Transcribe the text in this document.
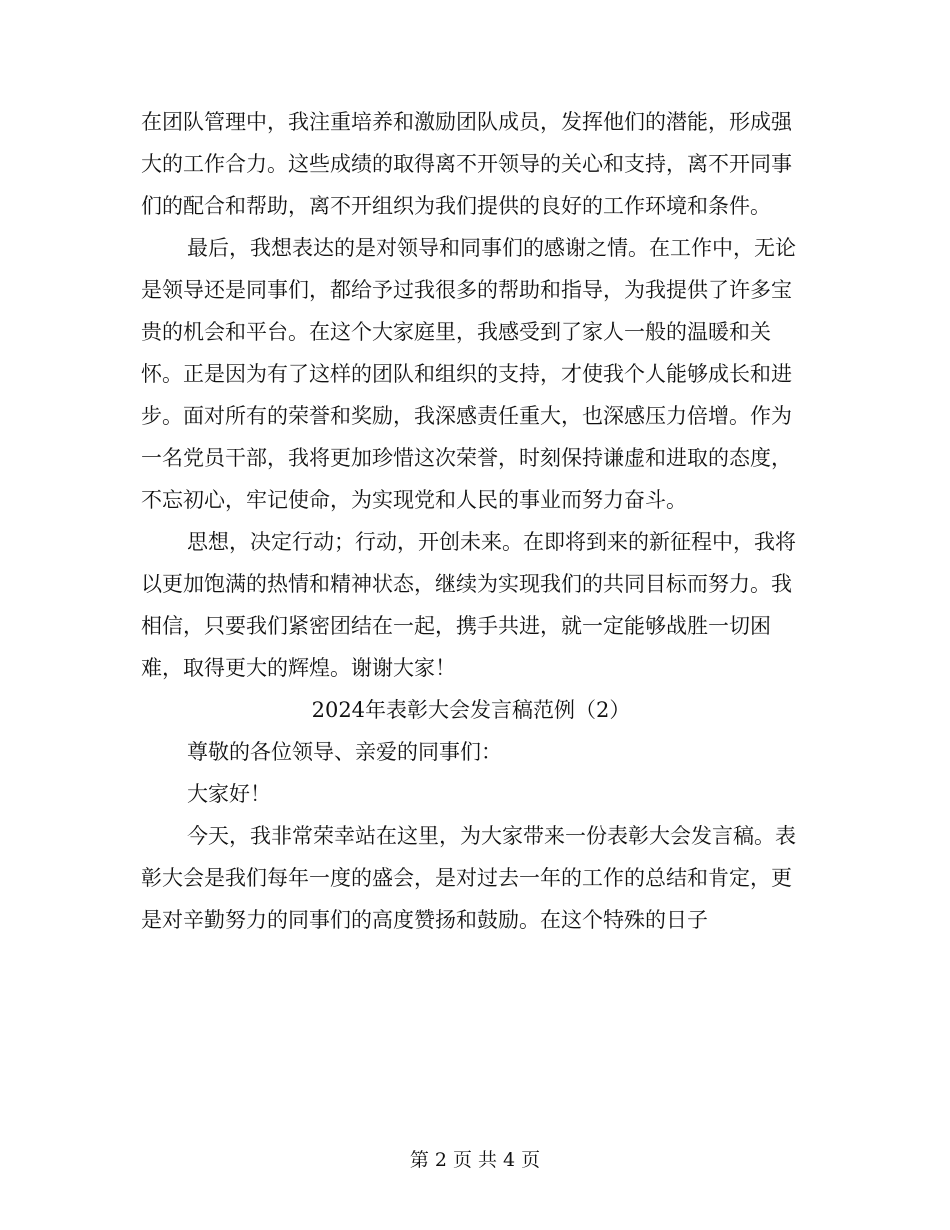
在团队管理中，我注重培养和激励团队成员，发挥他们的潜能，形成强大的工作合力。这些成绩的取得离不开领导的关心和支持，离不开同事们的配合和帮助，离不开组织为我们提供的良好的工作环境和条件。

最后，我想表达的是对领导和同事们的感谢之情。在工作中，无论是领导还是同事们，都给予过我很多的帮助和指导，为我提供了许多宝贵的机会和平台。在这个大家庭里，我感受到了家人一般的温暖和关怀。正是因为有了这样的团队和组织的支持，才使我个人能够成长和进步。面对所有的荣誉和奖励，我深感责任重大，也深感压力倍增。作为一名党员干部，我将更加珍惜这次荣誉，时刻保持谦虚和进取的态度，不忘初心，牢记使命，为实现党和人民的事业而努力奋斗。

思想，决定行动；行动，开创未来。在即将到来的新征程中，我将以更加饱满的热情和精神状态，继续为实现我们的共同目标而努力。我相信，只要我们紧密团结在一起，携手共进，就一定能够战胜一切困难，取得更大的辉煌。谢谢大家！

2024年表彰大会发言稿范例（2）

尊敬的各位领导、亲爱的同事们：

大家好！

今天，我非常荣幸站在这里，为大家带来一份表彰大会发言稿。表彰大会是我们每年一度的盛会，是对过去一年的工作的总结和肯定，更是对辛勤努力的同事们的高度赞扬和鼓励。在这个特殊的日子

第 2 页 共 4 页
